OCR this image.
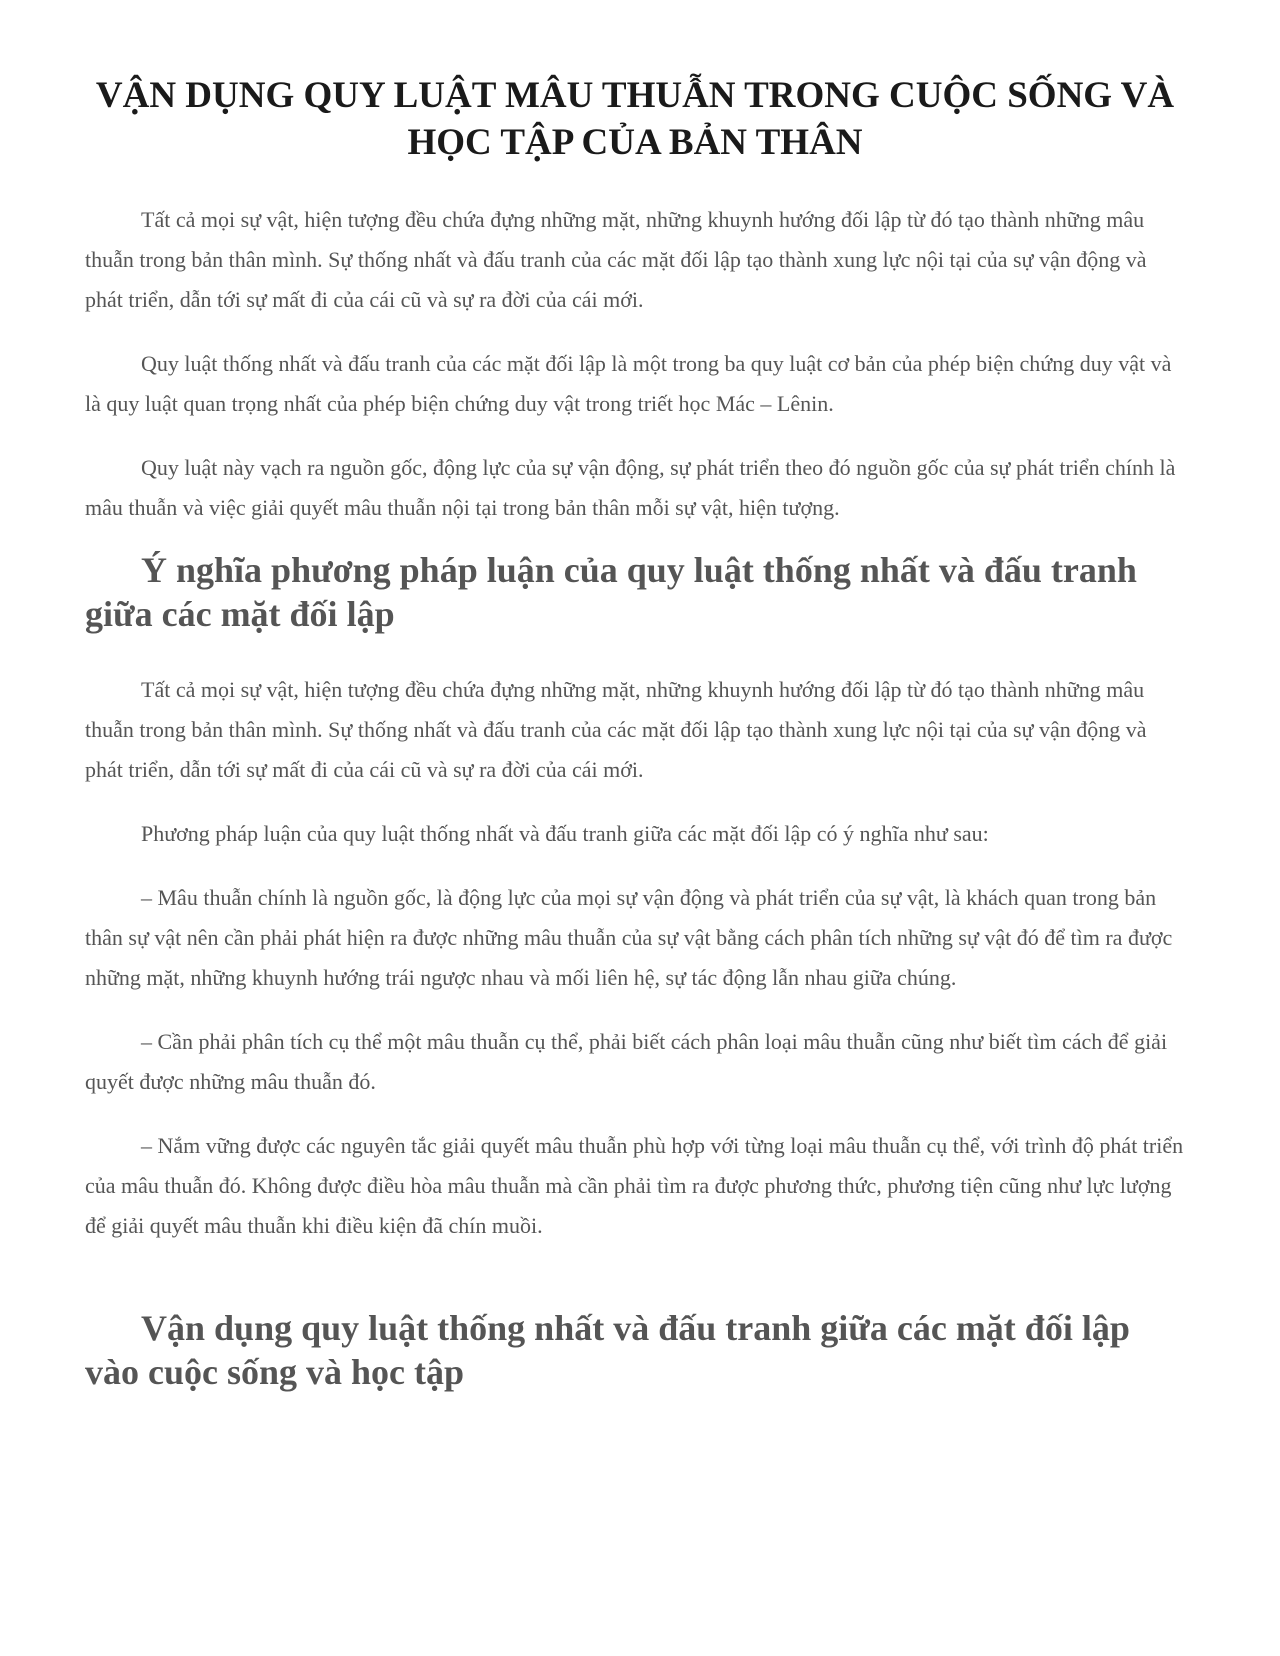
VẬN DỤNG QUY LUẬT MÂU THUẪN TRONG CUỘC SỐNG VÀ HỌC TẬP CỦA BẢN THÂN

Tất cả mọi sự vật, hiện tượng đều chứa đựng những mặt, những khuynh hướng đối lập từ đó tạo thành những mâu thuẫn trong bản thân mình. Sự thống nhất và đấu tranh của các mặt đối lập tạo thành xung lực nội tại của sự vận động và phát triển, dẫn tới sự mất đi của cái cũ và sự ra đời của cái mới.

Quy luật thống nhất và đấu tranh của các mặt đối lập là một trong ba quy luật cơ bản của phép biện chứng duy vật và là quy luật quan trọng nhất của phép biện chứng duy vật trong triết học Mác – Lênin.

Quy luật này vạch ra nguồn gốc, động lực của sự vận động, sự phát triển theo đó nguồn gốc của sự phát triển chính là mâu thuẫn và việc giải quyết mâu thuẫn nội tại trong bản thân mỗi sự vật, hiện tượng.

Ý nghĩa phương pháp luận của quy luật thống nhất và đấu tranh giữa các mặt đối lập

Tất cả mọi sự vật, hiện tượng đều chứa đựng những mặt, những khuynh hướng đối lập từ đó tạo thành những mâu thuẫn trong bản thân mình. Sự thống nhất và đấu tranh của các mặt đối lập tạo thành xung lực nội tại của sự vận động và phát triển, dẫn tới sự mất đi của cái cũ và sự ra đời của cái mới.

Phương pháp luận của quy luật thống nhất và đấu tranh giữa các mặt đối lập có ý nghĩa như sau:

– Mâu thuẫn chính là nguồn gốc, là động lực của mọi sự vận động và phát triển của sự vật, là khách quan trong bản thân sự vật nên cần phải phát hiện ra được những mâu thuẫn của sự vật bằng cách phân tích những sự vật đó để tìm ra được những mặt, những khuynh hướng trái ngược nhau và mối liên hệ, sự tác động lẫn nhau giữa chúng.

– Cần phải phân tích cụ thể một mâu thuẫn cụ thể, phải biết cách phân loại mâu thuẫn cũng như biết tìm cách để giải quyết được những mâu thuẫn đó.

– Nắm vững được các nguyên tắc giải quyết mâu thuẫn phù hợp với từng loại mâu thuẫn cụ thể, với trình độ phát triển của mâu thuẫn đó. Không được điều hòa mâu thuẫn mà cần phải tìm ra được phương thức, phương tiện cũng như lực lượng để giải quyết mâu thuẫn khi điều kiện đã chín muồi.

Vận dụng quy luật thống nhất và đấu tranh giữa các mặt đối lập vào cuộc sống và học tập
